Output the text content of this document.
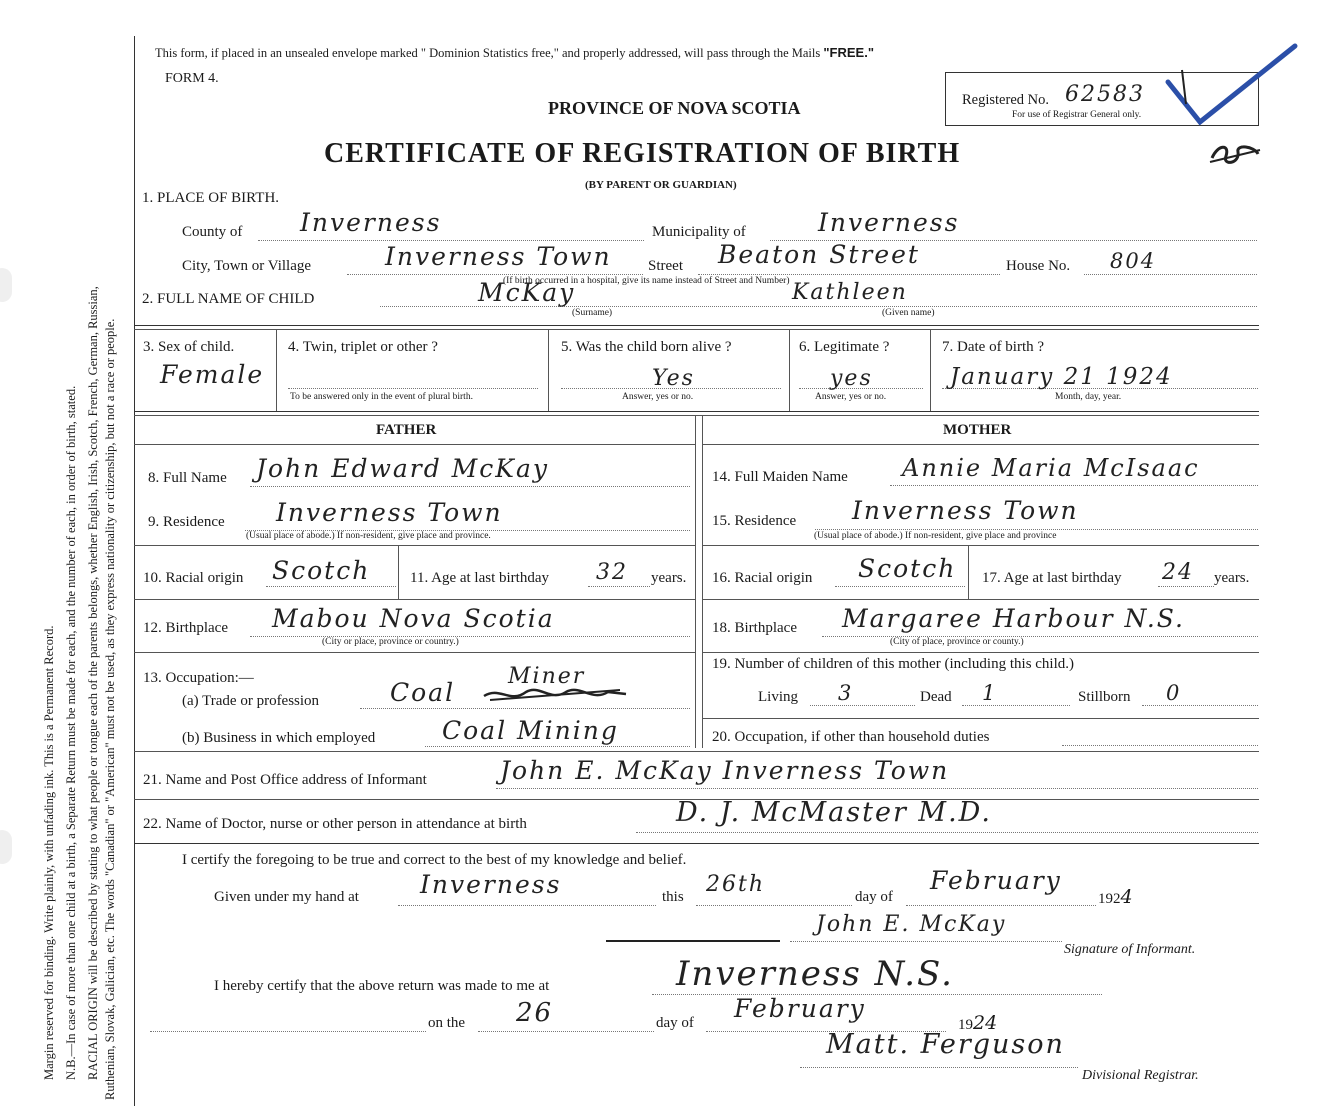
Margin reserved for binding. Write plainly, with unfading ink. This is a Permanent Record. N.B.—In case of more than one child at a birth, a Separate Return must be made for each, and the number of each, in order of birth, stated. RACIAL ORIGIN will be described by stating to what people or tongue each of the parents belongs, whether English, Irish, Scotch, French, German, Russian, Ruthenian, Slovak, Galician, etc. The words "Canadian" or "American" must not be used, as they express nationality or citizenship, but not a race or people.
This form, if placed in an unsealed envelope marked " Dominion Statistics free," and properly addressed, will pass through the Mails "FREE."
FORM 4.
PROVINCE OF NOVA SCOTIA
CERTIFICATE OF REGISTRATION OF BIRTH
(BY PARENT OR GUARDIAN)
Registered No. 62583
For use of Registrar General only.
1. PLACE OF BIRTH.
County of Inverness	Municipality of	Inverness
City, Town or Village	Inverness Town Street Beaton Street	House No. 804
(If birth occurred in a hospital, give its name instead of Street and Number)
2. FULL NAME OF CHILD	McKay	Kathleen
(Surname)	(Given name)
3. Sex of child.
Female
4. Twin, triplet or other ?
To be answered only in the event of plural birth.
5. Was the child born alive ?
Yes
Answer, yes or no.
6. Legitimate ?
yes
Answer, yes or no.
7. Date of birth ?
January 21 1924
Month, day, year.
FATHER	MOTHER
8. Full Name John Edward McKay
9. Residence Inverness Town
(Usual place of abode.) If non-resident, give place and province.
10. Racial origin Scotch	11. Age at last birthday 32 years.
12. Birthplace Mabou Nova Scotia
(City or place, province or country.)
13. Occupation:—
(a) Trade or profession	Coal
Miner
(b) Business in which employed	Coal Mining
14. Full Maiden Name Annie Maria McIsaac
15. Residence Inverness Town
(Usual place of abode.) If non-resident, give place and province
16. Racial origin Scotch 17. Age at last birthday 24 years.
18. Birthplace Margaree Harbour N.S.
(City of place, province or county.)
19. Number of children of this mother (including this child.)
Living 3	Dead 1	Stillborn 0
20. Occupation, if other than household duties
21. Name and Post Office address of Informant	John E. McKay Inverness Town
22. Name of Doctor, nurse or other person in attendance at birth	D. J. McMaster M.D.
I certify the foregoing to be true and correct to the best of my knowledge and belief.
Given under my hand at Inverness	this 26th	day of
February
1924
John E. McKay
Signature of Informant.
I hereby certify that the above return was made to me at	Inverness N.S.
on the 26	day of February
1924
Matt. Ferguson
Divisional Registrar.
